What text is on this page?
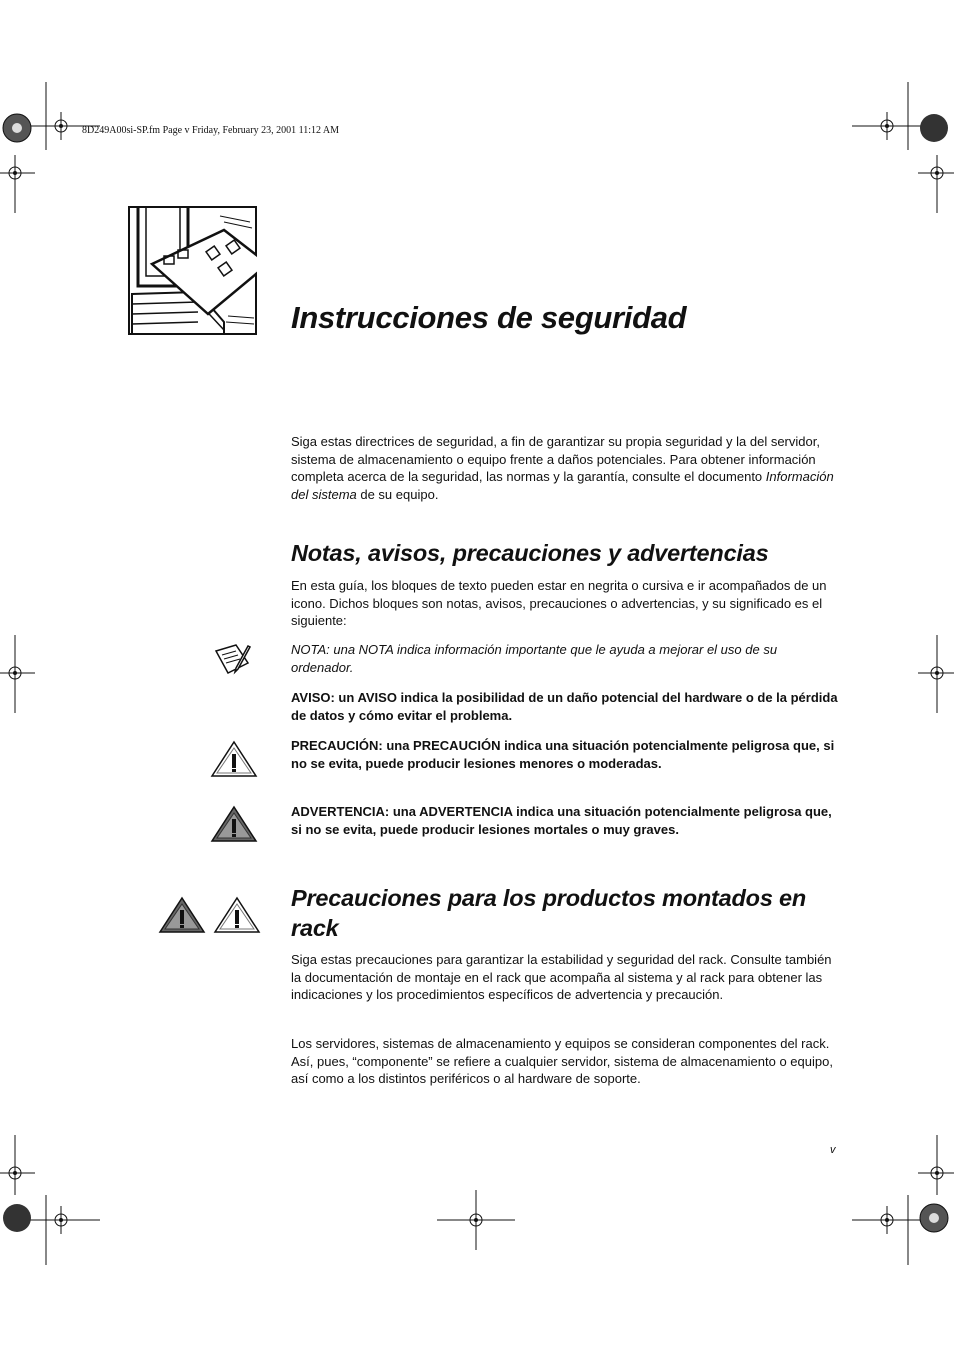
8D249A00si-SP.fm Page v Friday, February 23, 2001 11:12 AM
Instrucciones de seguridad
Siga estas directrices de seguridad, a fin de garantizar su propia seguridad y la del servidor, sistema de almacenamiento o equipo frente a daños potenciales. Para obtener información completa acerca de la seguridad, las normas y la garantía, consulte el documento Información del sistema de su equipo.
Notas, avisos, precauciones y advertencias
En esta guía, los bloques de texto pueden estar en negrita o cursiva e ir acompañados de un icono. Dichos bloques son notas, avisos, precauciones o advertencias, y su significado es el siguiente:
NOTA: una NOTA indica información importante que le ayuda a mejorar el uso de su ordenador.
AVISO: un AVISO indica la posibilidad de un daño potencial del hardware o de la pérdida de datos y cómo evitar el problema.
PRECAUCIÓN: una PRECAUCIÓN indica una situación potencialmente peligrosa que, si no se evita, puede producir lesiones menores o moderadas.
ADVERTENCIA: una ADVERTENCIA indica una situación potencialmente peligrosa que, si no se evita, puede producir lesiones mortales o muy graves.
Precauciones para los productos montados en rack
Siga estas precauciones para garantizar la estabilidad y seguridad del rack. Consulte también la documentación de montaje en el rack que acompaña al sistema y al rack para obtener las indicaciones y los procedimientos específicos de advertencia y precaución.
Los servidores, sistemas de almacenamiento y equipos se consideran componentes del rack. Así, pues, “componente” se refiere a cualquier servidor, sistema de almacenamiento o equipo, así como a los distintos periféricos o al hardware de soporte.
v
